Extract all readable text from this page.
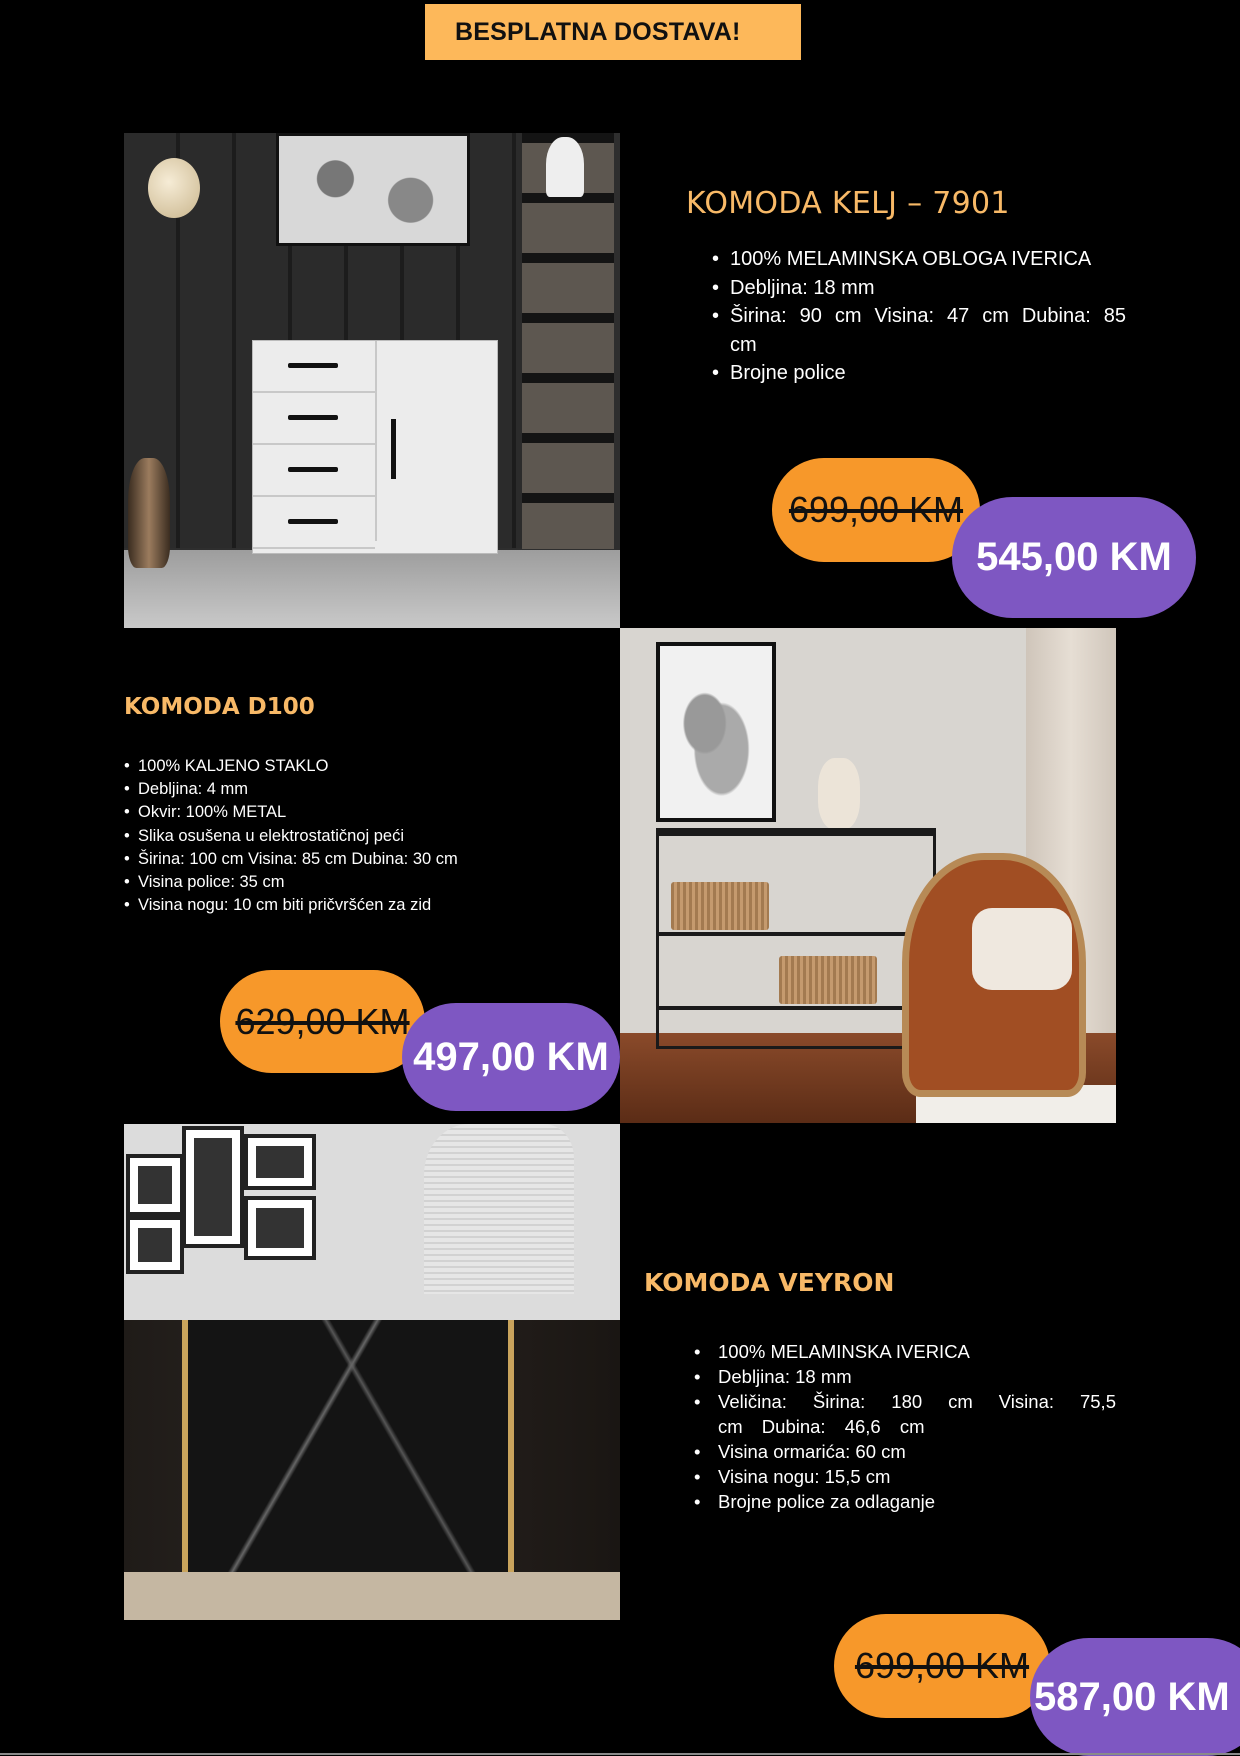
BESPLATNA DOSTAVA!
KOMODA KELJ – 7901
• 100% MELAMINSKA OBLOGA IVERICA
• Debljina: 18 mm
• Širina: 90 cm Visina: 47 cm Dubina: 85 cm
• Brojne police
699,00 KM
545,00 KM
KOMODA D100
• 100% KALJENO STAKLO
• Debljina: 4 mm
• Okvir: 100% METAL
• Slika osušena u elektrostatičnoj peći
• Širina: 100 cm Visina: 85 cm Dubina: 30 cm
• Visina police: 35 cm
• Visina nogu: 10 cm biti pričvršćen za zid
629,00 KM
497,00 KM
KOMODA VEYRON
• 100% MELAMINSKA IVERICA
• Debljina: 18 mm
• Veličina: Širina: 180 cm Visina: 75,5 cm Dubina: 46,6 cm
• Visina ormarića: 60 cm
• Visina nogu: 15,5 cm
• Brojne police za odlaganje
699,00 KM
587,00 KM
